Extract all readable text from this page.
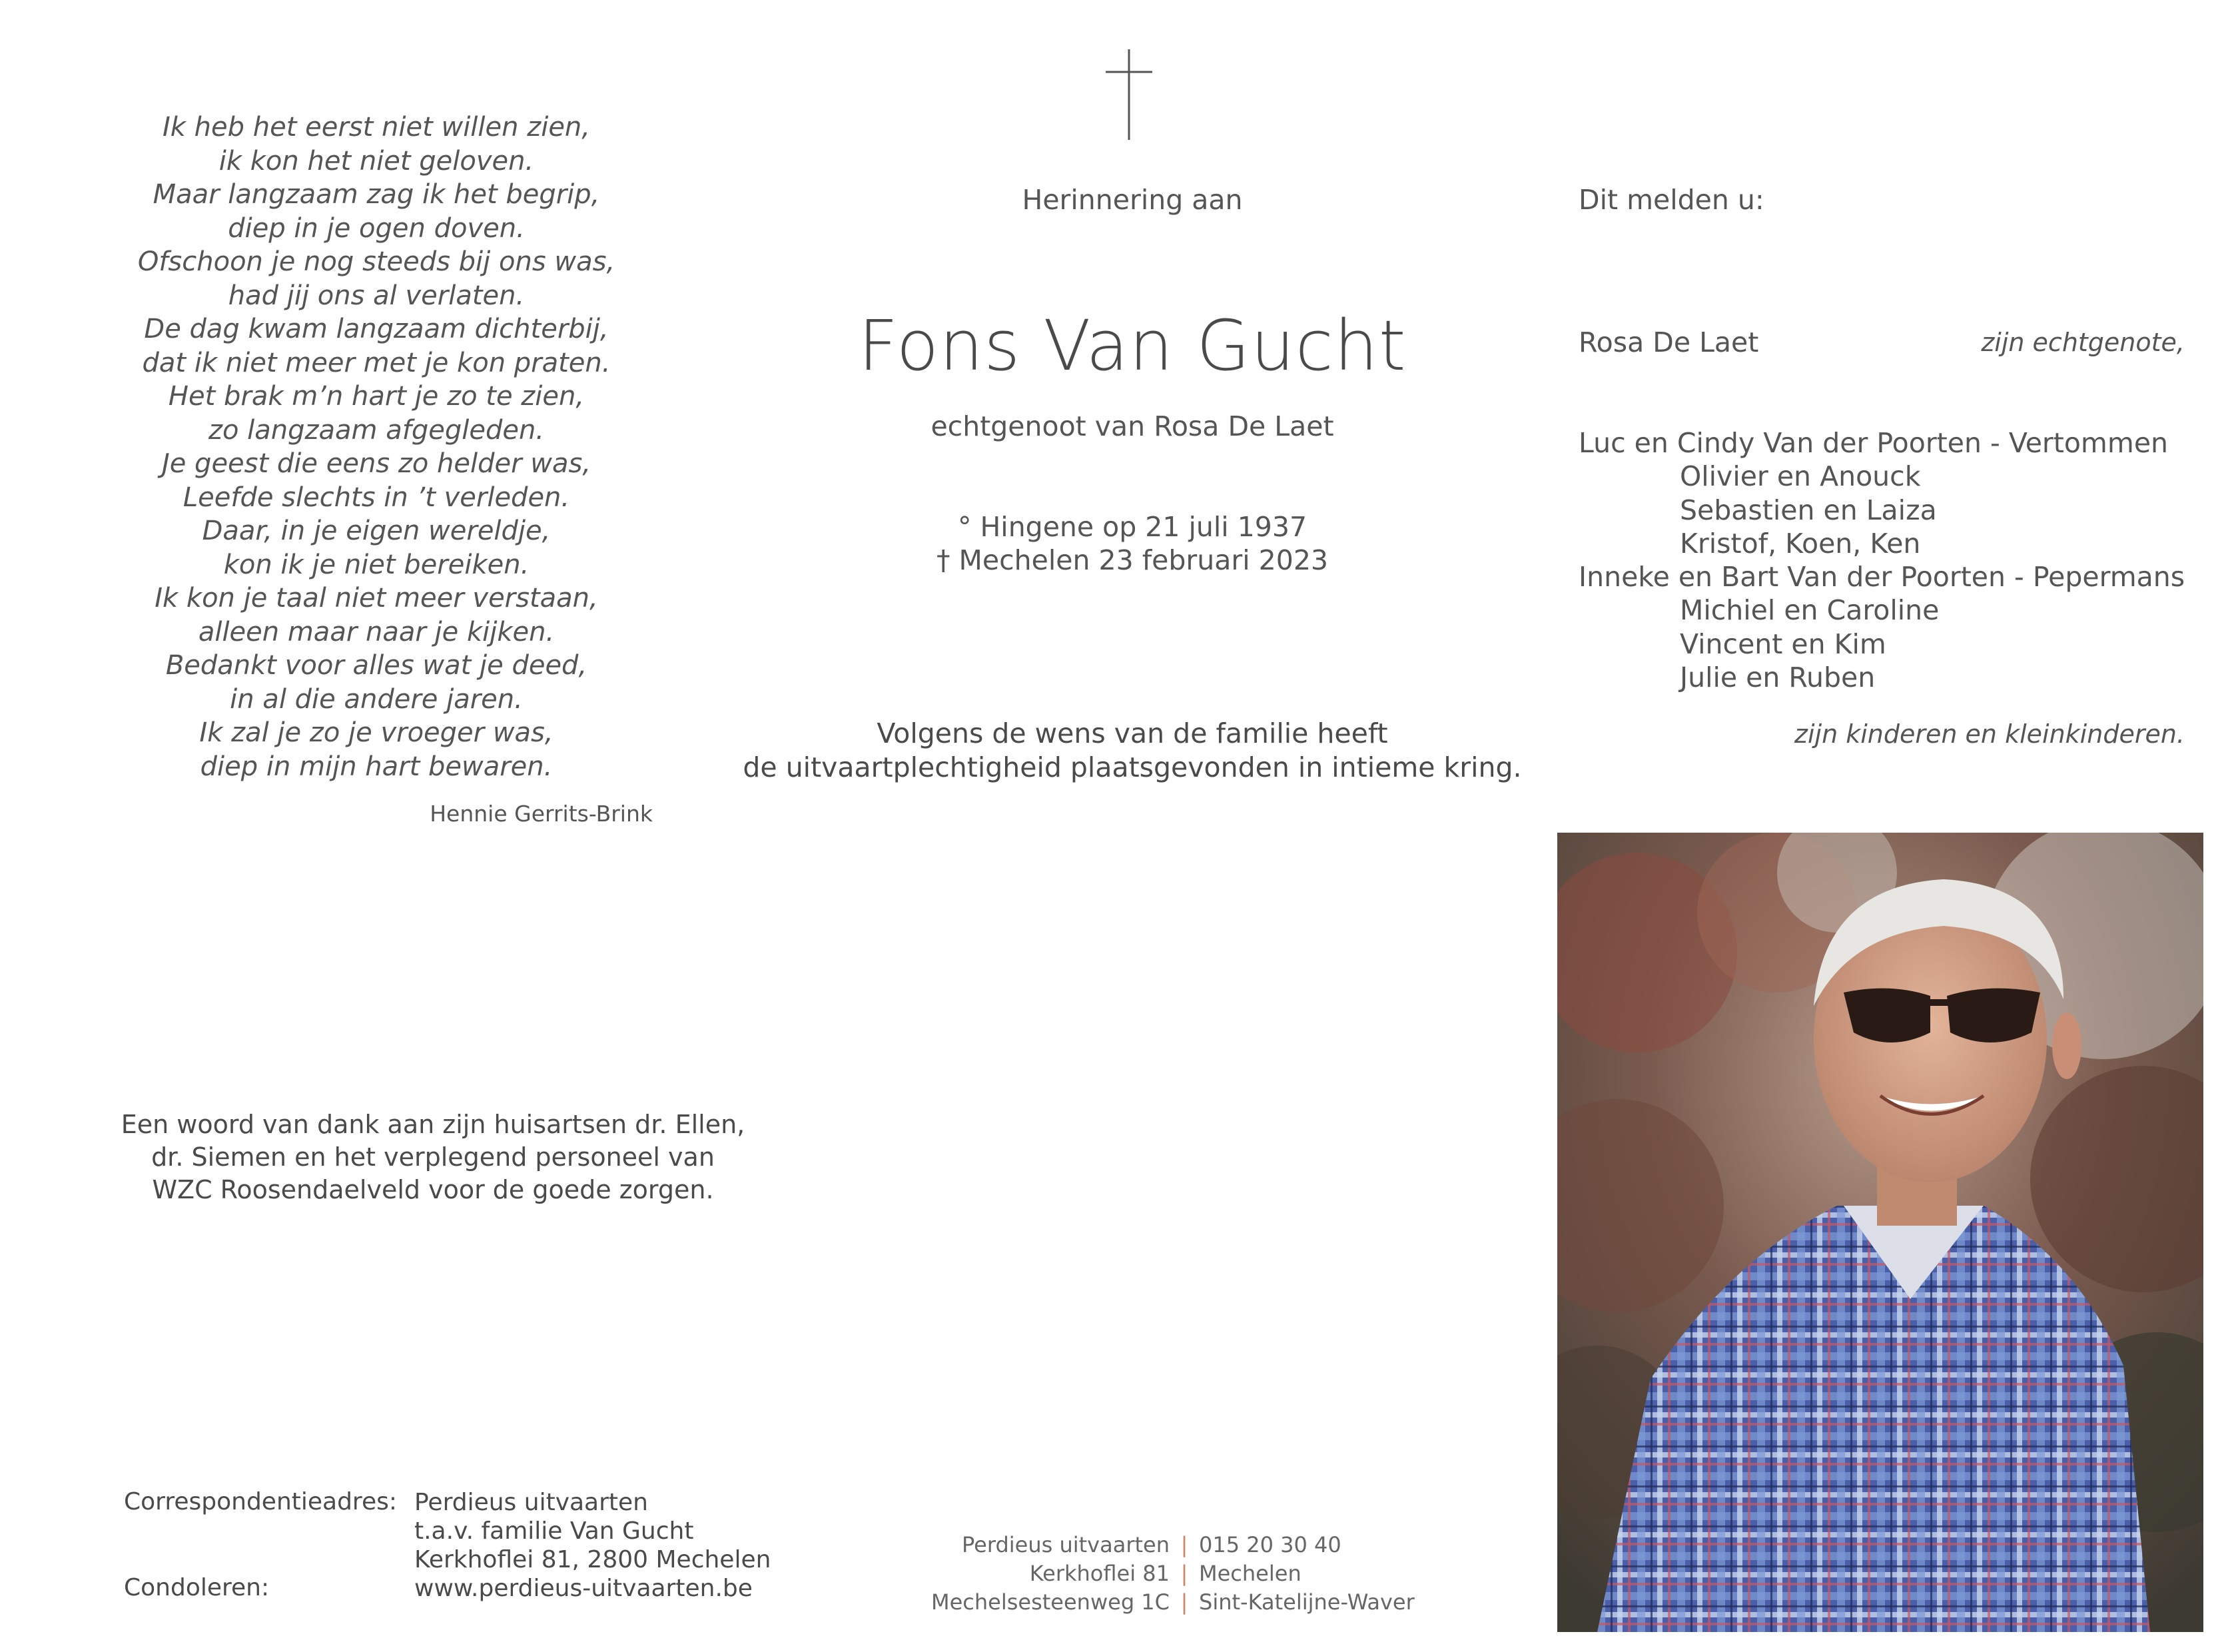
Ik heb het eerst niet willen zien,
ik kon het niet geloven.
Maar langzaam zag ik het begrip,
diep in je ogen doven.
Ofschoon je nog steeds bij ons was,
had jij ons al verlaten.
De dag kwam langzaam dichterbij,
dat ik niet meer met je kon praten.
Het brak m’n hart je zo te zien,
zo langzaam afgegleden.
Je geest die eens zo helder was,
Leefde slechts in ’t verleden.
Daar, in je eigen wereldje,
kon ik je niet bereiken.
Ik kon je taal niet meer verstaan,
alleen maar naar je kijken.
Bedankt voor alles wat je deed,
in al die andere jaren.
Ik zal je zo je vroeger was,
diep in mijn hart bewaren.
Hennie Gerrits-Brink
Een woord van dank aan zijn huisartsen dr. Ellen,
dr. Siemen en het verplegend personeel van
WZC Roosendaelveld voor de goede zorgen.
Correspondentieadres:
Condoleren:
Perdieus uitvaarten
t.a.v. familie Van Gucht
Kerkhoflei 81, 2800 Mechelen
www.perdieus-uitvaarten.be
Herinnering aan
Fons Van Gucht
echtgenoot van Rosa De Laet
° Hingene op 21 juli 1937
† Mechelen 23 februari 2023
Volgens de wens van de familie heeft
de uitvaartplechtigheid plaatsgevonden in intieme kring.
Perdieus uitvaarten | 015 20 30 40
Kerkhoflei 81 | Mechelen
Mechelsesteenweg 1C | Sint-Katelijne-Waver
Dit melden u:
Rosa De Laet	zijn echtgenote,
Luc en Cindy Van der Poorten - Vertommen
Olivier en Anouck
Sebastien en Laiza
Kristof, Koen, Ken
Inneke en Bart Van der Poorten - Pepermans
Michiel en Caroline
Vincent en Kim
Julie en Ruben
zijn kinderen en kleinkinderen.
